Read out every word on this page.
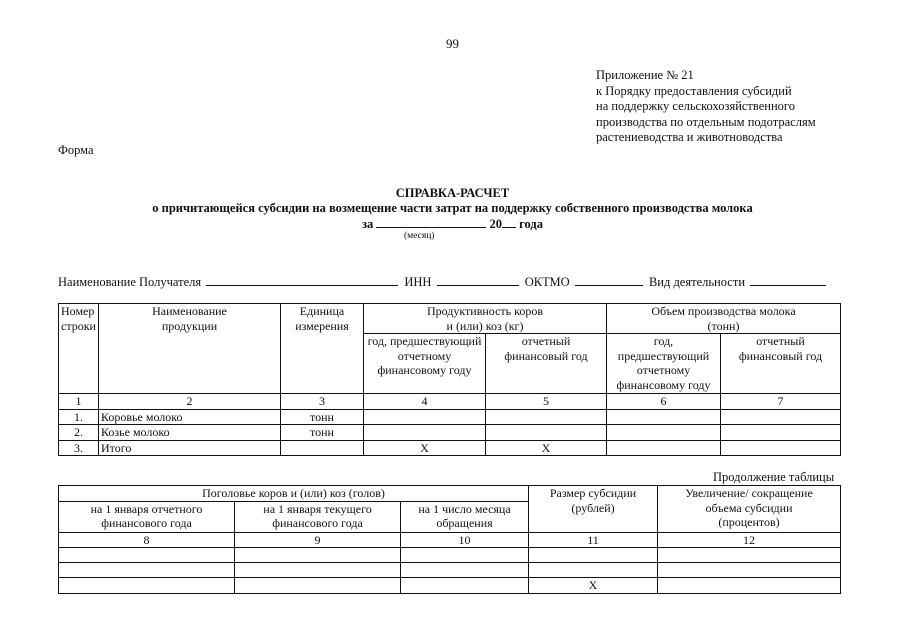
99
Приложение № 21
к Порядку предоставления субсидий
на поддержку сельскохозяйственного
производства по отдельным подотраслям
растениеводства и животноводства
Форма
СПРАВКА-РАСЧЕТ
о причитающейся субсидии на возмещение части затрат на поддержку собственного производства молока
за	20 года
(месяц)
Наименование Получателя	ИНН	ОКТМО	Вид деятельности
Номер строки	Наименование продукции	Единица измерения	Продуктивность коров и (или) коз (кг)		Объем производства молока (тонн)	
			год, предшествующий отчетному финансовому году	отчетный финансовый год	год, предшествующий отчетному финансовому году	отчетный финансовый год
1	2	3	4	5	6	7
1.	Коровье молоко	тонн				
2.	Козье молоко	тонн				
3.	Итого		X	X		
Продолжение таблицы
Поголовье коров и (или) коз (голов)			Размер субсидии (рублей)	Увеличение/ сокращение объема субсидии (процентов)
на 1 января отчетного финансового года	на 1 января текущего финансового года	на 1 число месяца обращения		
8	9	10	11	12

			X	
